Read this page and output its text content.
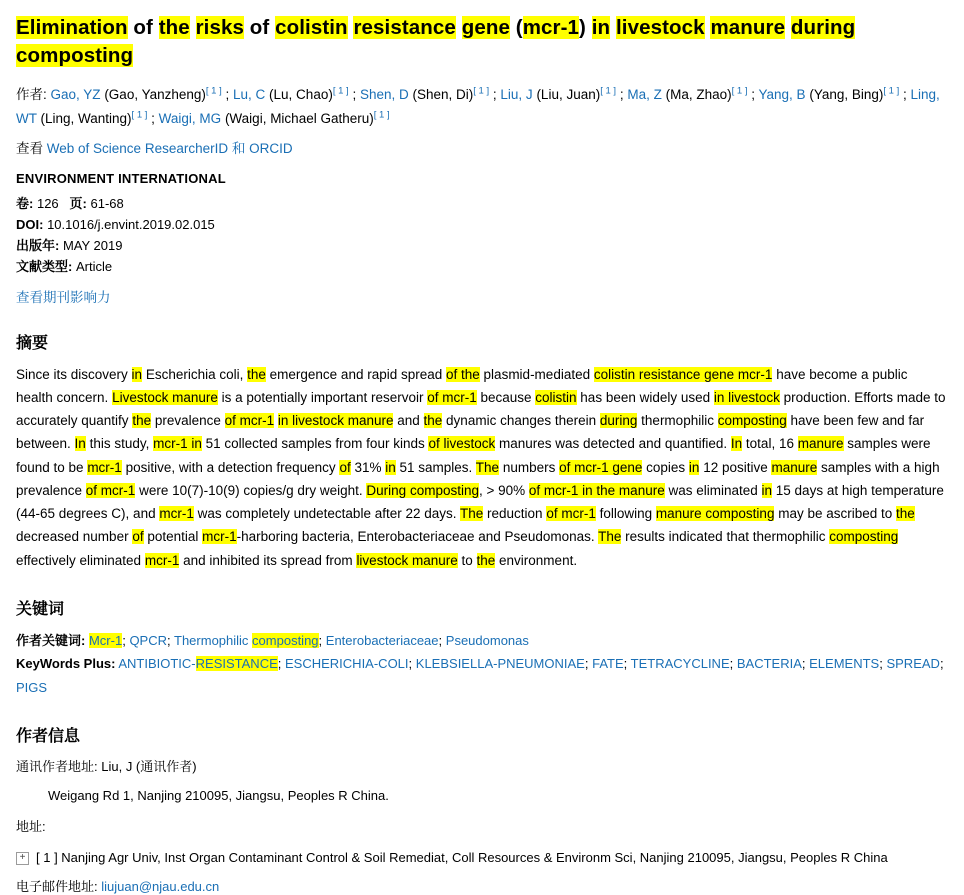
Elimination of the risks of colistin resistance gene (mcr-1) in livestock manure during composting
作者: Gao, YZ (Gao, Yanzheng)[ 1 ] ; Lu, C (Lu, Chao)[ 1 ] ; Shen, D (Shen, Di)[ 1 ] ; Liu, J (Liu, Juan)[ 1 ] ; Ma, Z (Ma, Zhao)[ 1 ] ; Yang, B (Yang, Bing)[ 1 ] ; Ling, WT (Ling, Wanting)[ 1 ] ; Waigi, MG (Waigi, Michael Gatheru)[ 1 ]
查看 Web of Science ResearcherID 和 ORCID
ENVIRONMENT INTERNATIONAL
卷: 126 页: 61-68
DOI: 10.1016/j.envint.2019.02.015
出版年: MAY 2019
文献类型: Article
查看期刊影响力
摘要
Since its discovery in Escherichia coli, the emergence and rapid spread of the plasmid-mediated colistin resistance gene mcr-1 have become a public health concern. Livestock manure is a potentially important reservoir of mcr-1 because colistin has been widely used in livestock production. Efforts made to accurately quantify the prevalence of mcr-1 in livestock manure and the dynamic changes therein during thermophilic composting have been few and far between. In this study, mcr-1 in 51 collected samples from four kinds of livestock manures was detected and quantified. In total, 16 manure samples were found to be mcr-1 positive, with a detection frequency of 31% in 51 samples. The numbers of mcr-1 gene copies in 12 positive manure samples with a high prevalence of mcr-1 were 10(7)-10(9) copies/g dry weight. During composting, > 90% of mcr-1 in the manure was eliminated in 15 days at high temperature (44-65 degrees C), and mcr-1 was completely undetectable after 22 days. The reduction of mcr-1 following manure composting may be ascribed to the decreased number of potential mcr-1-harboring bacteria, Enterobacteriaceae and Pseudomonas. The results indicated that thermophilic composting effectively eliminated mcr-1 and inhibited its spread from livestock manure to the environment.
关键词
作者关键词: Mcr-1; QPCR; Thermophilic composting; Enterobacteriaceae; Pseudomonas
KeyWords Plus: ANTIBIOTIC-RESISTANCE; ESCHERICHIA-COLI; KLEBSIELLA-PNEUMONIAE; FATE; TETRACYCLINE; BACTERIA; ELEMENTS; SPREAD; PIGS
作者信息
通讯作者地址: Liu, J (通讯作者)
Weigang Rd 1, Nanjing 210095, Jiangsu, Peoples R China.
地址:
+ [ 1 ] Nanjing Agr Univ, Inst Organ Contaminant Control & Soil Remediat, Coll Resources & Environm Sci, Nanjing 210095, Jiangsu, Peoples R China
电子邮件地址: liujuan@njau.edu.cn
